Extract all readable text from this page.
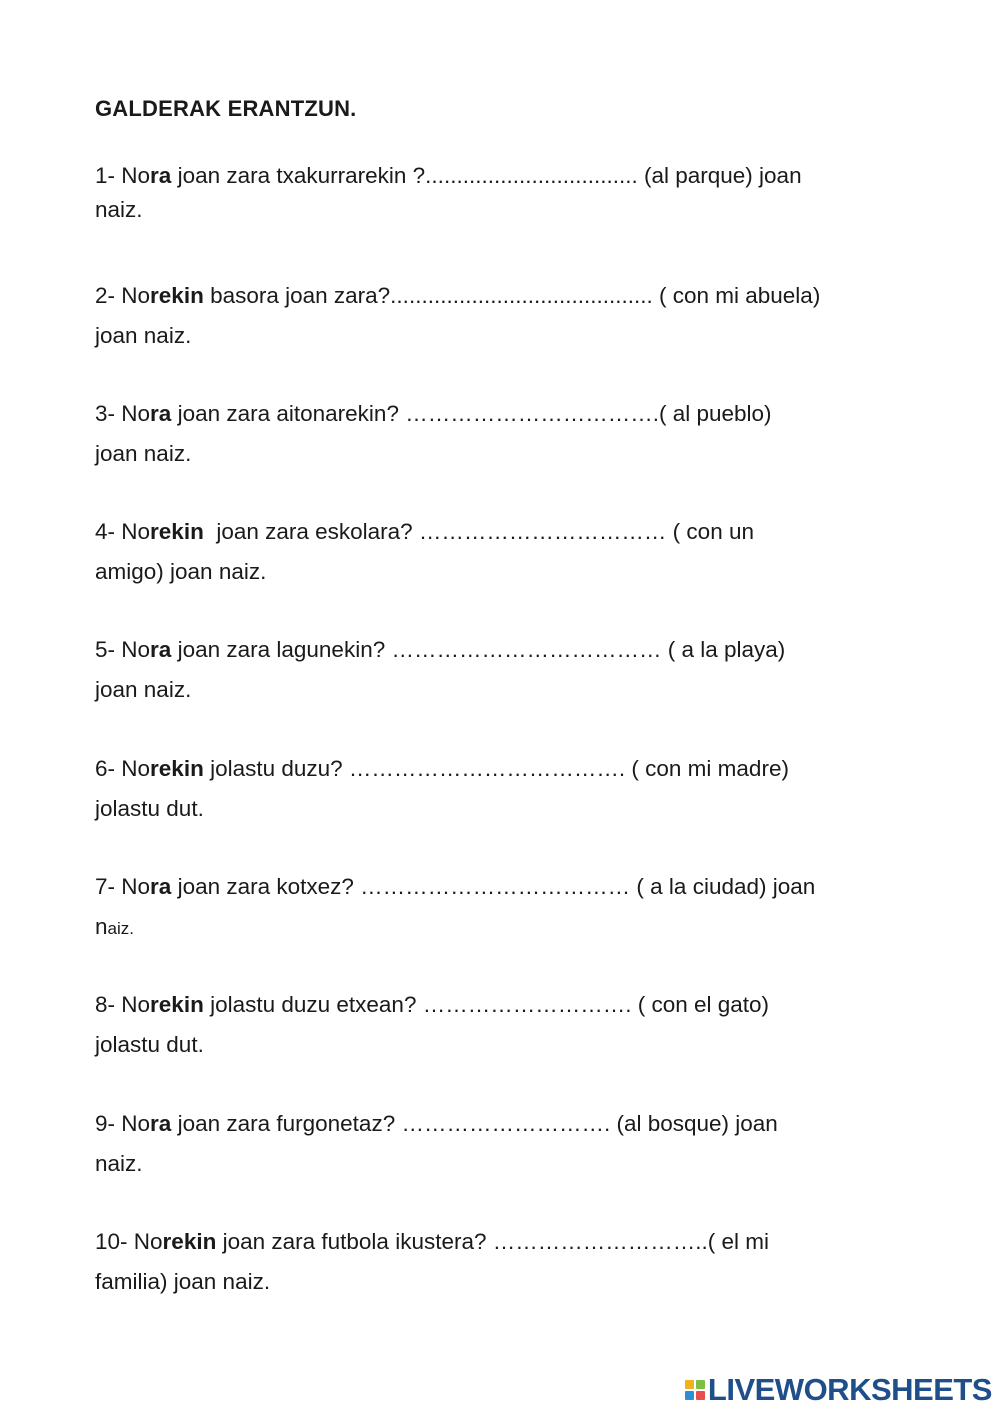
GALDERAK ERANTZUN.

1- Nora joan zara txakurrarekin ?.................................. (al parque) joan
naiz.

2- Norekin basora joan zara?.......................................... ( con mi abuela)
joan naiz.

3- Nora joan zara aitonarekin? …………………………….( al pueblo)
joan naiz.

4- Norekin  joan zara eskolara? …………………………… ( con un
amigo) joan naiz.

5- Nora joan zara lagunekin? ……………………………… ( a la playa)
joan naiz.

6- Norekin jolastu duzu? ………………………………. ( con mi madre)
jolastu dut.

7- Nora joan zara kotxez? ……………………………… ( a la ciudad) joan
naiz.

8- Norekin jolastu duzu etxean? ………………………. ( con el gato)
jolastu dut.

9- Nora joan zara furgonetaz? ………………………. (al bosque) joan
naiz.

10- Norekin joan zara futbola ikustera? ………………………..( el mi
familia) joan naiz.

LIVEWORKSHEETS
